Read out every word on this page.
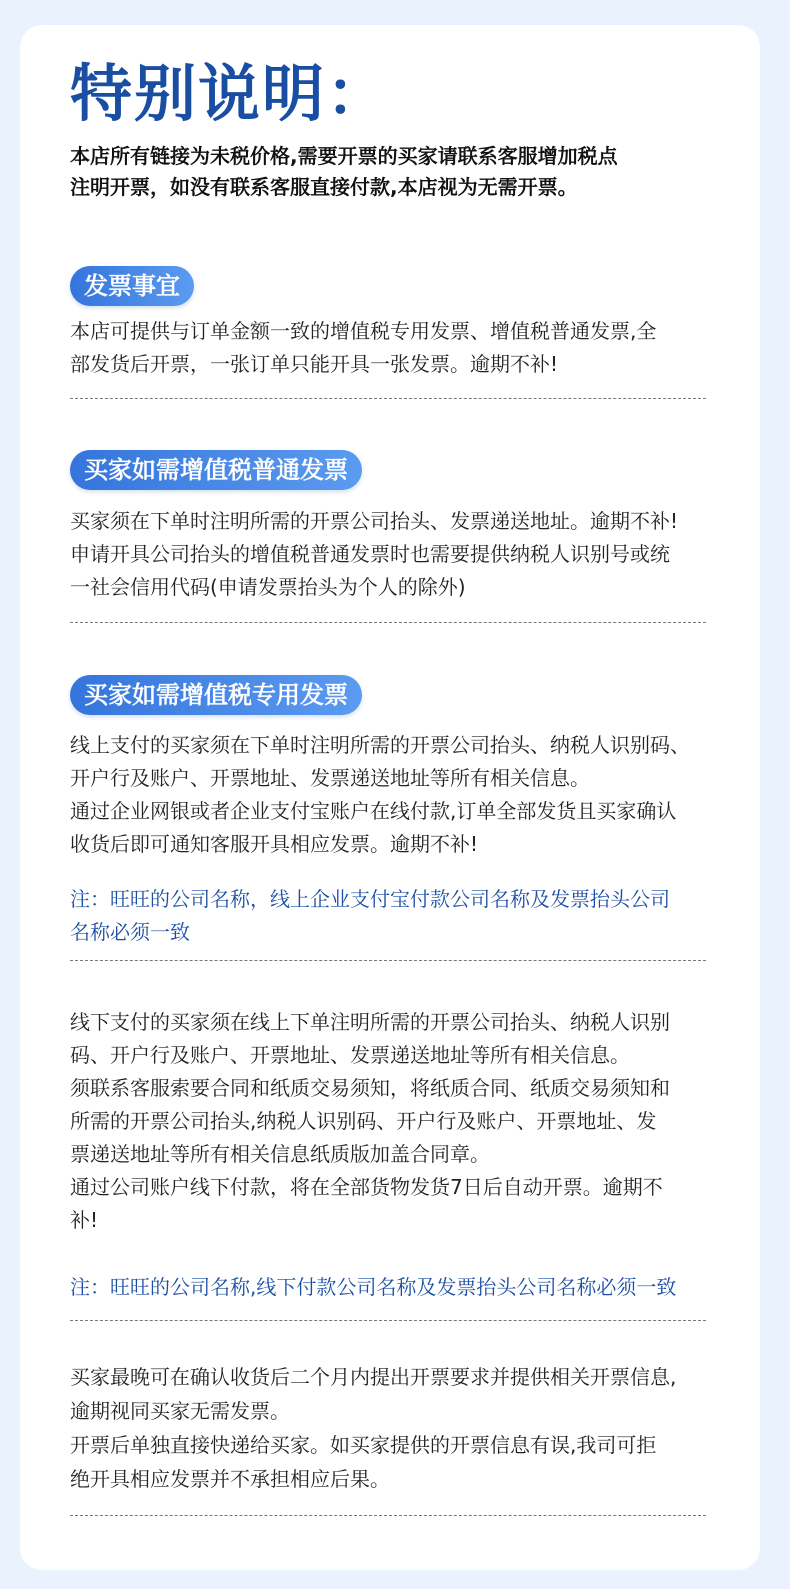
特别说明：
本店所有链接为未税价格,需要开票的买家请联系客服增加税点
注明开票，如没有联系客服直接付款,本店视为无需开票。
发票事宜
本店可提供与订单金额一致的增值税专用发票、增值税普通发票,全
部发货后开票，一张订单只能开具一张发票。逾期不补!
买家如需增值税普通发票
买家须在下单时注明所需的开票公司抬头、发票递送地址。逾期不补!
申请开具公司抬头的增值税普通发票时也需要提供纳税人识别号或统
一社会信用代码(申请发票抬头为个人的除外)
买家如需增值税专用发票
线上支付的买家须在下单时注明所需的开票公司抬头、纳税人识别码、
开户行及账户、开票地址、发票递送地址等所有相关信息。
通过企业网银或者企业支付宝账户在线付款,订单全部发货且买家确认
收货后即可通知客服开具相应发票。逾期不补!
注：旺旺的公司名称，线上企业支付宝付款公司名称及发票抬头公司
名称必须一致
线下支付的买家须在线上下单注明所需的开票公司抬头、纳税人识别
码、开户行及账户、开票地址、发票递送地址等所有相关信息。
须联系客服索要合同和纸质交易须知，将纸质合同、纸质交易须知和
所需的开票公司抬头,纳税人识别码、开户行及账户、开票地址、发
票递送地址等所有相关信息纸质版加盖合同章。
通过公司账户线下付款，将在全部货物发货7日后自动开票。逾期不
补!
注：旺旺的公司名称,线下付款公司名称及发票抬头公司名称必须一致
买家最晚可在确认收货后二个月内提出开票要求并提供相关开票信息,
逾期视同买家无需发票。
开票后单独直接快递给买家。如买家提供的开票信息有误,我司可拒
绝开具相应发票并不承担相应后果。
